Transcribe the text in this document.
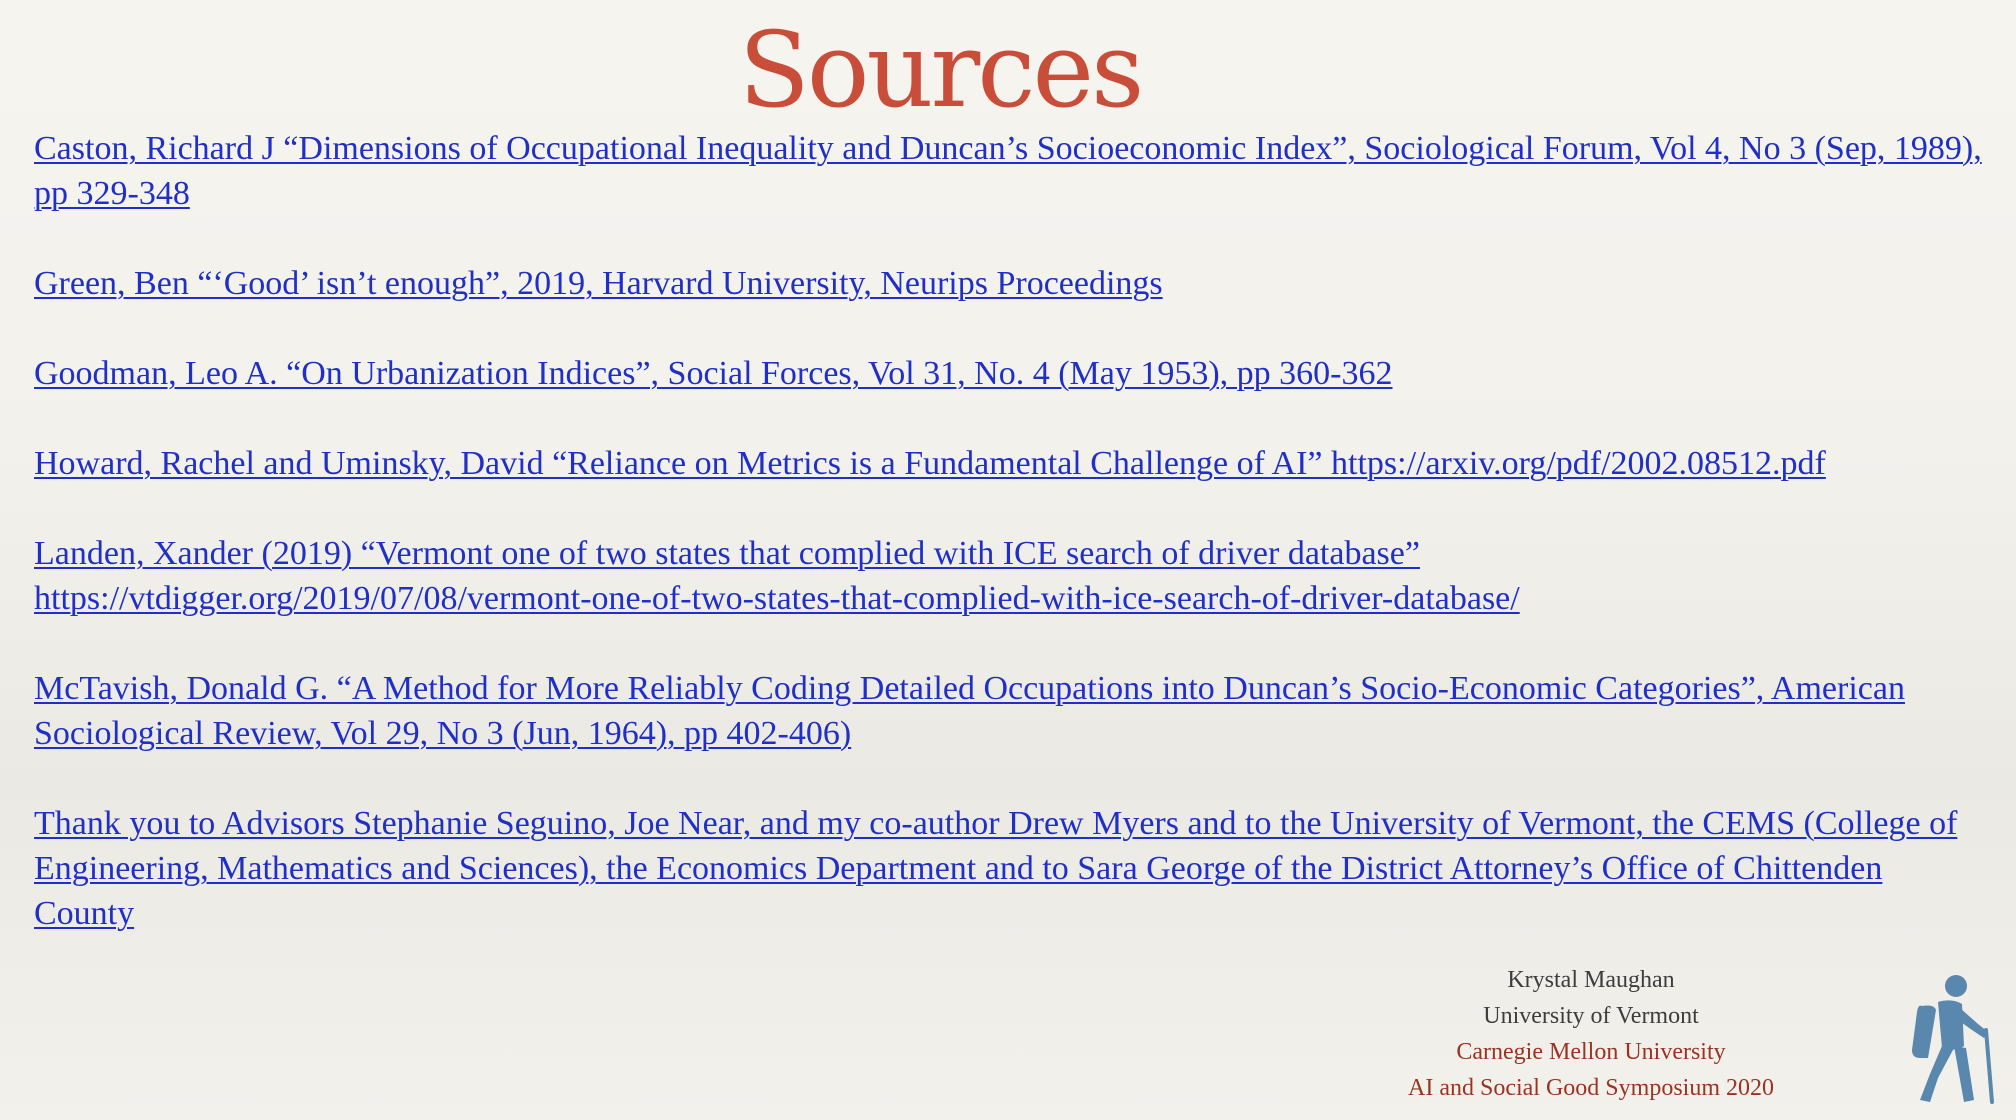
Sources
Caston, Richard J “Dimensions of Occupational Inequality and Duncan’s Socioeconomic Index”, Sociological Forum, Vol 4, No 3 (Sep, 1989), pp 329-348
Green, Ben “‘Good’ isn’t enough”, 2019, Harvard University, Neurips Proceedings
Goodman, Leo A. “On Urbanization Indices”, Social Forces, Vol 31, No. 4 (May 1953), pp 360-362
Howard, Rachel and Uminsky, David “Reliance on Metrics is a Fundamental Challenge of AI” https://arxiv.org/pdf/2002.08512.pdf
Landen, Xander (2019) “Vermont one of two states that complied with ICE search of driver database” https://vtdigger.org/2019/07/08/vermont-one-of-two-states-that-complied-with-ice-search-of-driver-database/
McTavish, Donald G. “A Method for More Reliably Coding Detailed Occupations into Duncan’s Socio-Economic Categories”, American Sociological Review, Vol 29, No 3 (Jun, 1964), pp 402-406)
Thank you to Advisors Stephanie Seguino, Joe Near, and my co-author Drew Myers and to the University of Vermont, the CEMS (College of Engineering, Mathematics and Sciences), the Economics Department and to Sara George of the District Attorney’s Office of Chittenden County
Krystal Maughan
University of Vermont
Carnegie Mellon University
AI and Social Good Symposium 2020
